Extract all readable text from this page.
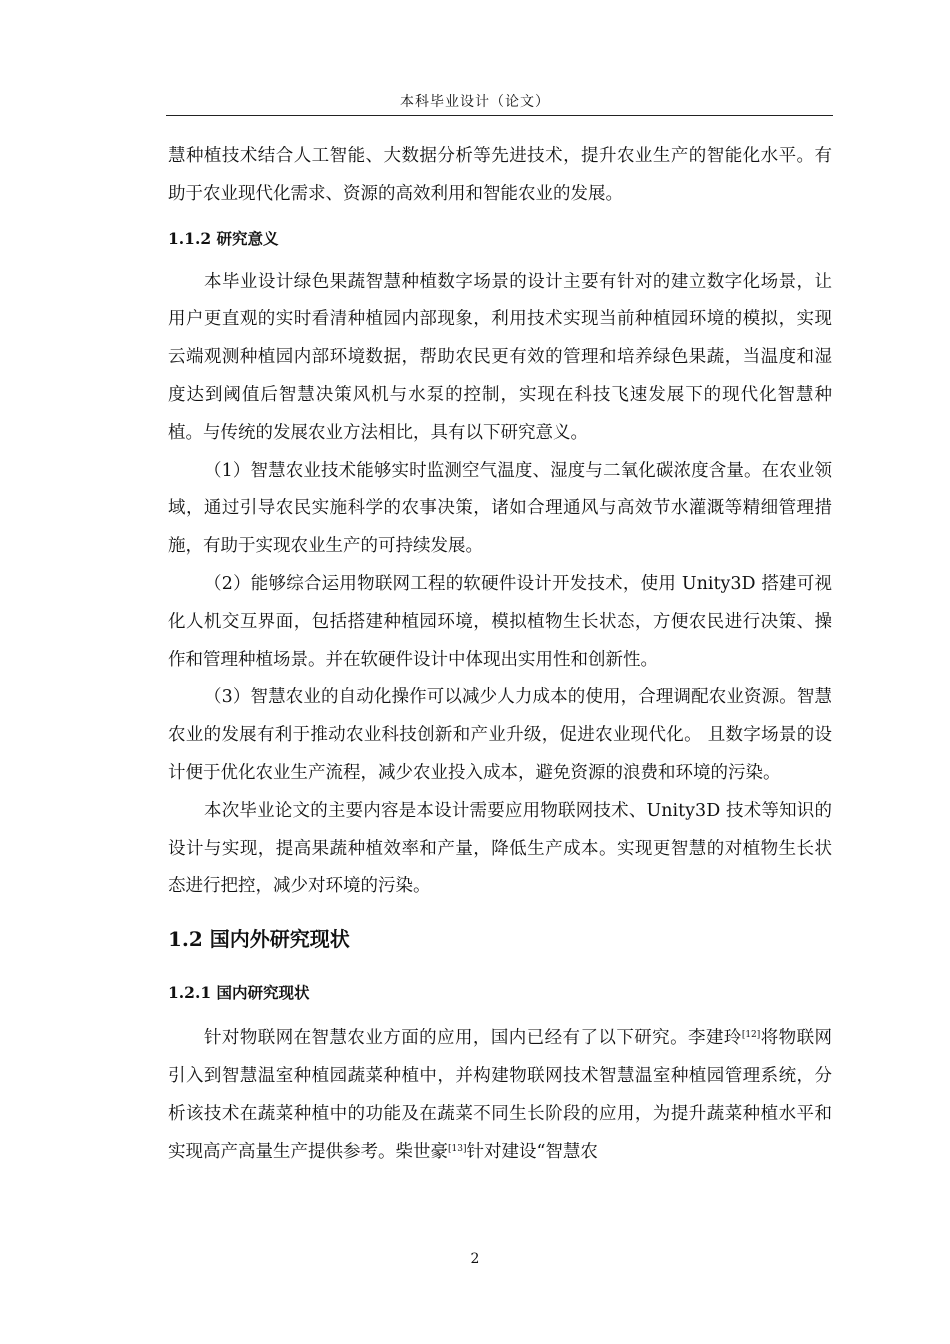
本科毕业设计（论文）

慧种植技术结合人工智能、大数据分析等先进技术，提升农业生产的智能化水平。有助于农业现代化需求、资源的高效利用和智能农业的发展。

1.1.2 研究意义

本毕业设计绿色果蔬智慧种植数字场景的设计主要有针对的建立数字化场景，让用户更直观的实时看清种植园内部现象，利用技术实现当前种植园环境的模拟，实现云端观测种植园内部环境数据，帮助农民更有效的管理和培养绿色果蔬，当温度和湿度达到阈值后智慧决策风机与水泵的控制，实现在科技飞速发展下的现代化智慧种植。与传统的发展农业方法相比，具有以下研究意义。

（1）智慧农业技术能够实时监测空气温度、湿度与二氧化碳浓度含量。在农业领域，通过引导农民实施科学的农事决策，诸如合理通风与高效节水灌溉等精细管理措施，有助于实现农业生产的可持续发展。

（2）能够综合运用物联网工程的软硬件设计开发技术，使用 Unity3D 搭建可视化人机交互界面，包括搭建种植园环境，模拟植物生长状态，方便农民进行决策、操作和管理种植场景。并在软硬件设计中体现出实用性和创新性。

（3）智慧农业的自动化操作可以减少人力成本的使用，合理调配农业资源。智慧农业的发展有利于推动农业科技创新和产业升级，促进农业现代化。 且数字场景的设计便于优化农业生产流程，减少农业投入成本，避免资源的浪费和环境的污染。

本次毕业论文的主要内容是本设计需要应用物联网技术、Unity3D 技术等知识的设计与实现，提高果蔬种植效率和产量，降低生产成本。实现更智慧的对植物生长状态进行把控，减少对环境的污染。

1.2 国内外研究现状
1.2.1 国内研究现状

针对物联网在智慧农业方面的应用，国内已经有了以下研究。李建玲[12]将物联网引入到智慧温室种植园蔬菜种植中，并构建物联网技术智慧温室种植园管理系统，分析该技术在蔬菜种植中的功能及在蔬菜不同生长阶段的应用，为提升蔬菜种植水平和实现高产高量生产提供参考。柴世豪[13]针对建设“智慧农

2
